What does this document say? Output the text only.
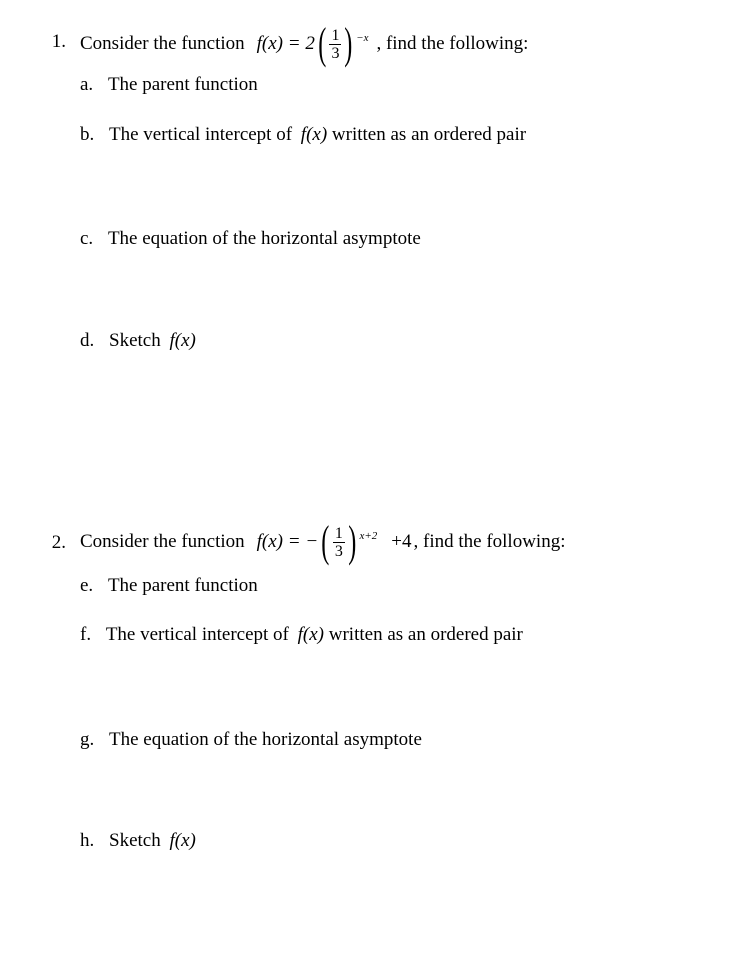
1. Consider the function f(x) = 2 ( $\frac{1}{3}$ ) −x , find the following:
a. The parent function
b. The vertical intercept of f(x) written as an ordered pair
c. The equation of the horizontal asymptote
d. Sketch f(x)
2. Consider the function f(x) = − ( $\frac{1}{3}$ ) x+2 +4 , find the following:
e. The parent function
f. The vertical intercept of f(x) written as an ordered pair
g. The equation of the horizontal asymptote
h. Sketch f(x)
